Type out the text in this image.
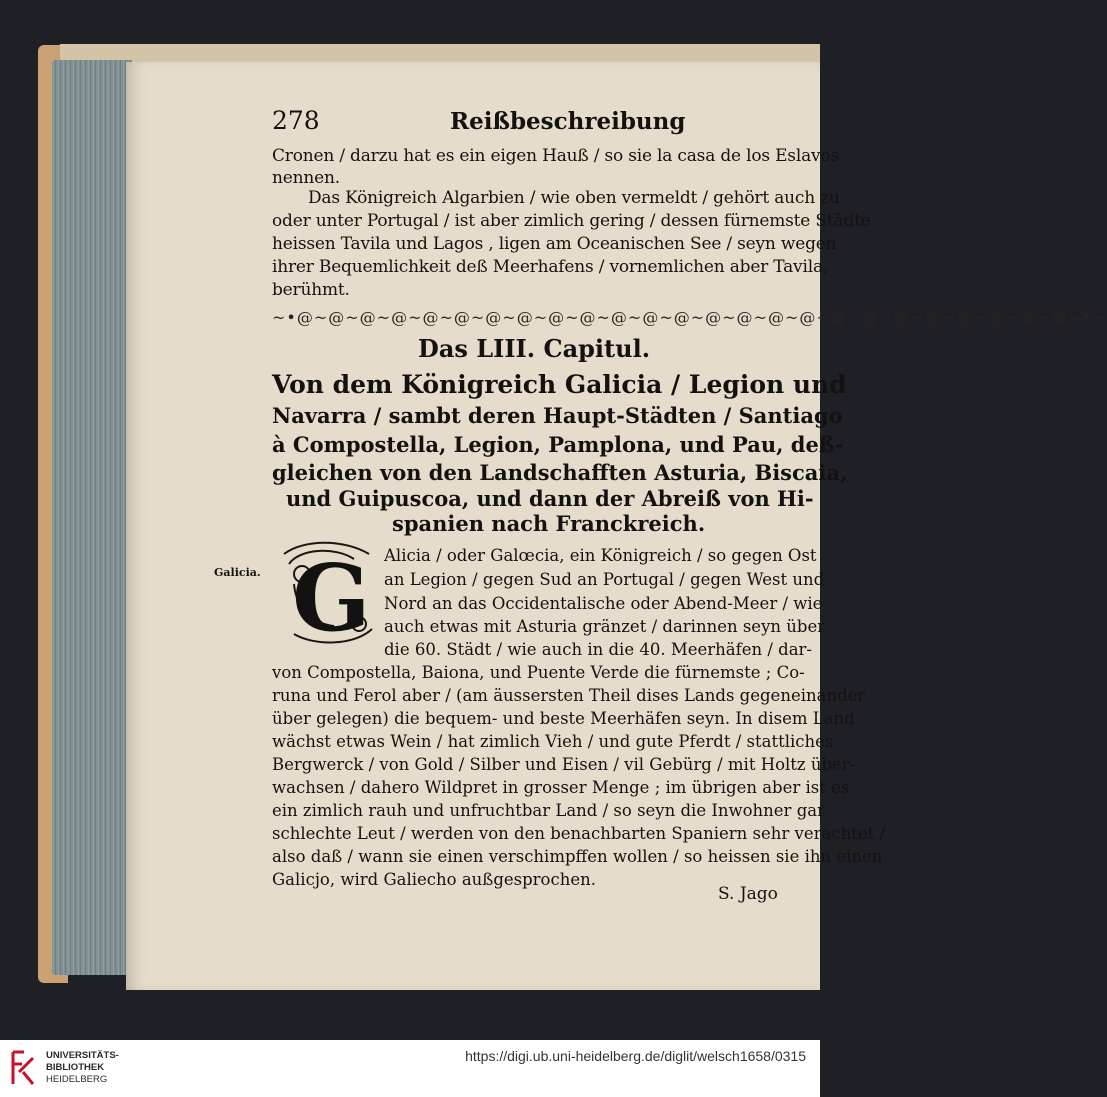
278	Reißbeschreibung
Cronen / darzu hat es ein eigen Hauß / so sie la casa de los Eslavos
nennen.
Das Königreich Algarbien / wie oben vermeldt / gehört auch zu
oder unter Portugal / ist aber zimlich gering / dessen fürnemste Städte
heissen Tavila und Lagos , ligen am Oceanischen See / seyn wegen
ihrer Bequemlichkeit deß Meerhafens / vornemlichen aber Tavila,
berühmt.
~•@~@~@~@~@~@~@~@~@~@~@~@~@~@~@~@~@~@~@~@~@~@~@~@~@~•~
Das LIII. Capitul.
Von dem Königreich Galicia / Legion und
Navarra / sambt deren Haupt-Städten / Santiago
à Compostella, Legion, Pamplona, und Pau, deß-
gleichen von den Landschafften Asturia, Biscaia,
und Guipuscoa, und dann der Abreiß von Hi-
spanien nach Franckreich.
Galicia. G Alicia / oder Galœcia, ein Königreich / so gegen Ost
an Legion / gegen Sud an Portugal / gegen West und
Nord an das Occidentalische oder Abend-Meer / wie
auch etwas mit Asturia gränzet / darinnen seyn über
die 60. Städt / wie auch in die 40. Meerhäfen / dar-
von Compostella, Baiona, und Puente Verde die fürnemste ; Co-
runa und Ferol aber / (am äussersten Theil dises Lands gegeneinander
über gelegen) die bequem- und beste Meerhäfen seyn. In disem Land
wächst etwas Wein / hat zimlich Vieh / und gute Pferdt / stattliches
Bergwerck / von Gold / Silber und Eisen / vil Gebürg / mit Holtz über-
wachsen / dahero Wildpret in grosser Menge ; im übrigen aber ist es
ein zimlich rauh und unfruchtbar Land / so seyn die Inwohner gar
schlechte Leut / werden von den benachbarten Spaniern sehr verachtet /
also daß / wann sie einen verschimpffen wollen / so heissen sie ihn einen
Galicjo, wird Galiecho außgesprochen.
S. Jago
UNIVERSITÄTS-
BIBLIOTHEK
HEIDELBERG
https://digi.ub.uni-heidelberg.de/diglit/welsch1658/0315
